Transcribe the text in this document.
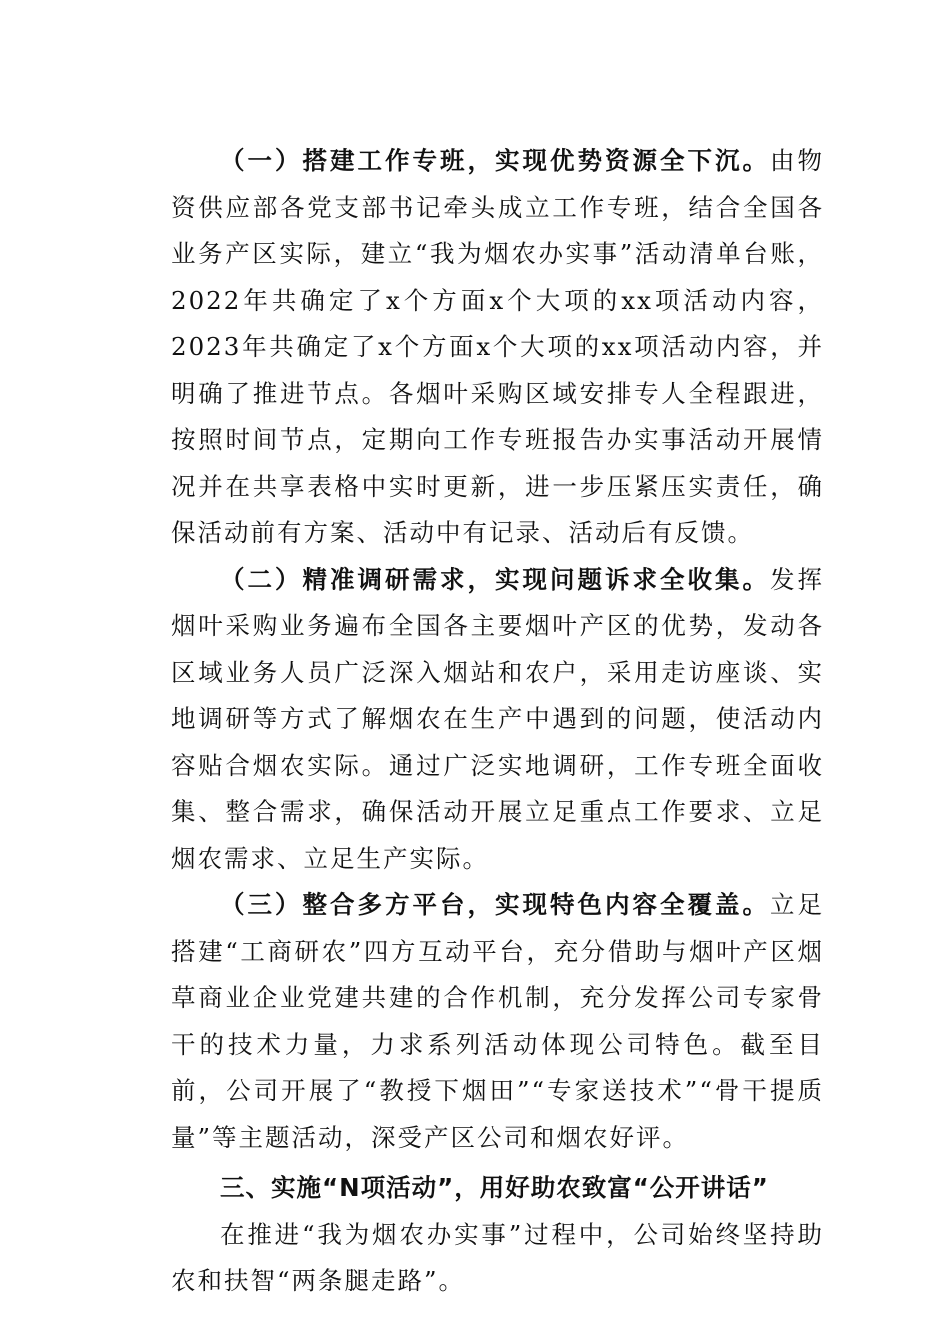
（一）搭建工作专班，实现优势资源全下沉。由物资供应部各党支部书记牵头成立工作专班，结合全国各业务产区实际，建立“我为烟农办实事”活动清单台账，2022年共确定了x个方面x个大项的xx项活动内容，2023年共确定了x个方面x个大项的xx项活动内容，并明确了推进节点。各烟叶采购区域安排专人全程跟进，按照时间节点，定期向工作专班报告办实事活动开展情况并在共享表格中实时更新，进一步压紧压实责任，确保活动前有方案、活动中有记录、活动后有反馈。

（二）精准调研需求，实现问题诉求全收集。发挥烟叶采购业务遍布全国各主要烟叶产区的优势，发动各区域业务人员广泛深入烟站和农户，采用走访座谈、实地调研等方式了解烟农在生产中遇到的问题，使活动内容贴合烟农实际。通过广泛实地调研，工作专班全面收集、整合需求，确保活动开展立足重点工作要求、立足烟农需求、立足生产实际。

（三）整合多方平台，实现特色内容全覆盖。立足搭建“工商研农”四方互动平台，充分借助与烟叶产区烟草商业企业党建共建的合作机制，充分发挥公司专家骨干的技术力量，力求系列活动体现公司特色。截至目前，公司开展了“教授下烟田”“专家送技术”“骨干提质量”等主题活动，深受产区公司和烟农好评。

三、实施“N项活动”，用好助农致富“公开讲话”

在推进“我为烟农办实事”过程中，公司始终坚持助农和扶智“两条腿走路”。
